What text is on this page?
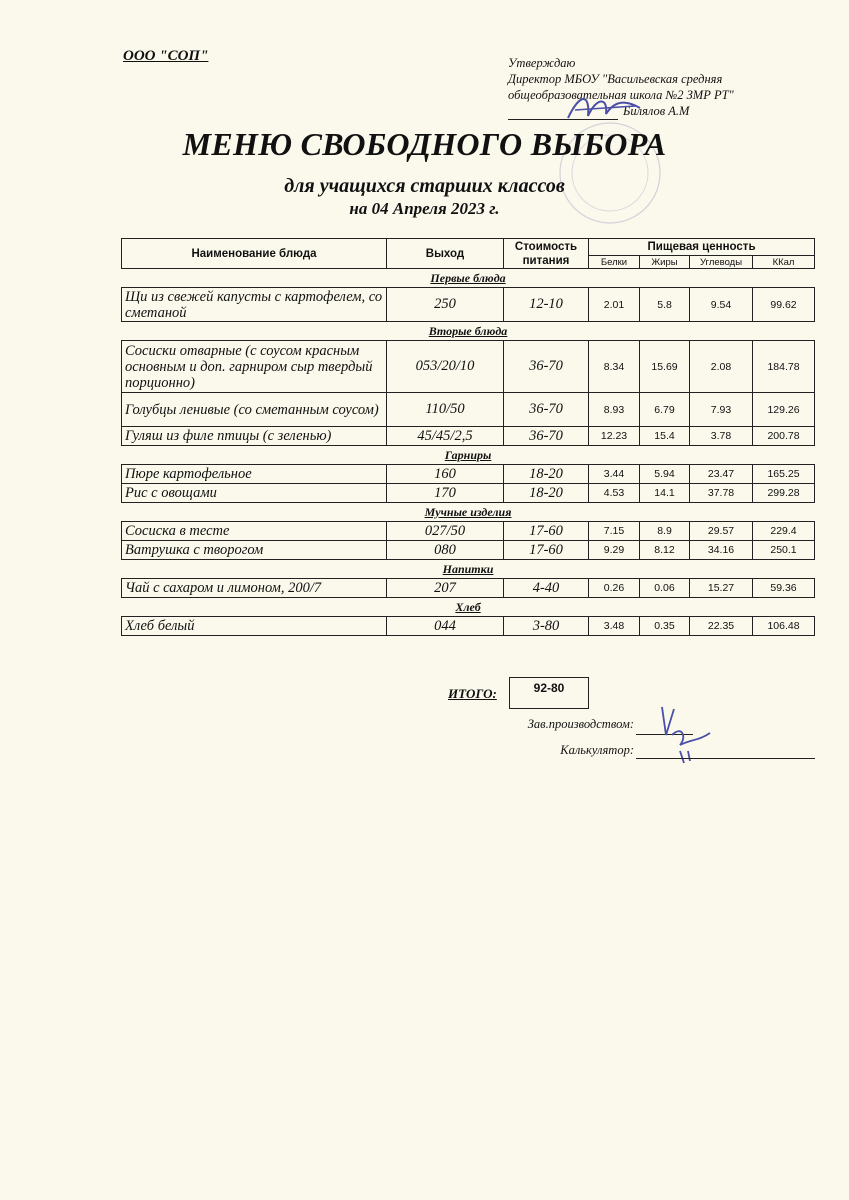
ООО "СОП"	Утверждаю
Директор МБОУ "Васильевская средняя
общеобразовательная школа №2 ЗМР РТ"
Билялов А.М
МЕНЮ СВОБОДНОГО ВЫБОРА
для учащихся старших классов
на 04 Апреля 2023 г.
Наименование блюда	Выход	Стоимость питания	Пищевая ценность			
			Белки	Жиры	Углеводы	ККал
Первые блюда						
Щи из свежей капусты с картофелем, со сметаной	250	12-10	2.01	5.8	9.54	99.62
Вторые блюда						
Сосиски отварные (с соусом красным основным и доп. гарниром сыр твердый порционно)	053/20/10	36-70	8.34	15.69	2.08	184.78
Голубцы ленивые (со сметанным соусом)	110/50	36-70	8.93	6.79	7.93	129.26
Гуляш из филе птицы (с зеленью)	45/45/2,5	36-70	12.23	15.4	3.78	200.78
Гарниры						
Пюре картофельное	160	18-20	3.44	5.94	23.47	165.25
Рис с овощами	170	18-20	4.53	14.1	37.78	299.28
Мучные изделия						
Сосиска в тесте	027/50	17-60	7.15	8.9	29.57	229.4
Ватрушка с творогом	080	17-60	9.29	8.12	34.16	250.1
Напитки						
Чай с сахаром и лимоном, 200/7	207	4-40	0.26	0.06	15.27	59.36
Хлеб						
Хлеб белый	044	3-80	3.48	0.35	22.35	106.48
ИТОГО:	92-80
Зав.производством:
Калькулятор:
